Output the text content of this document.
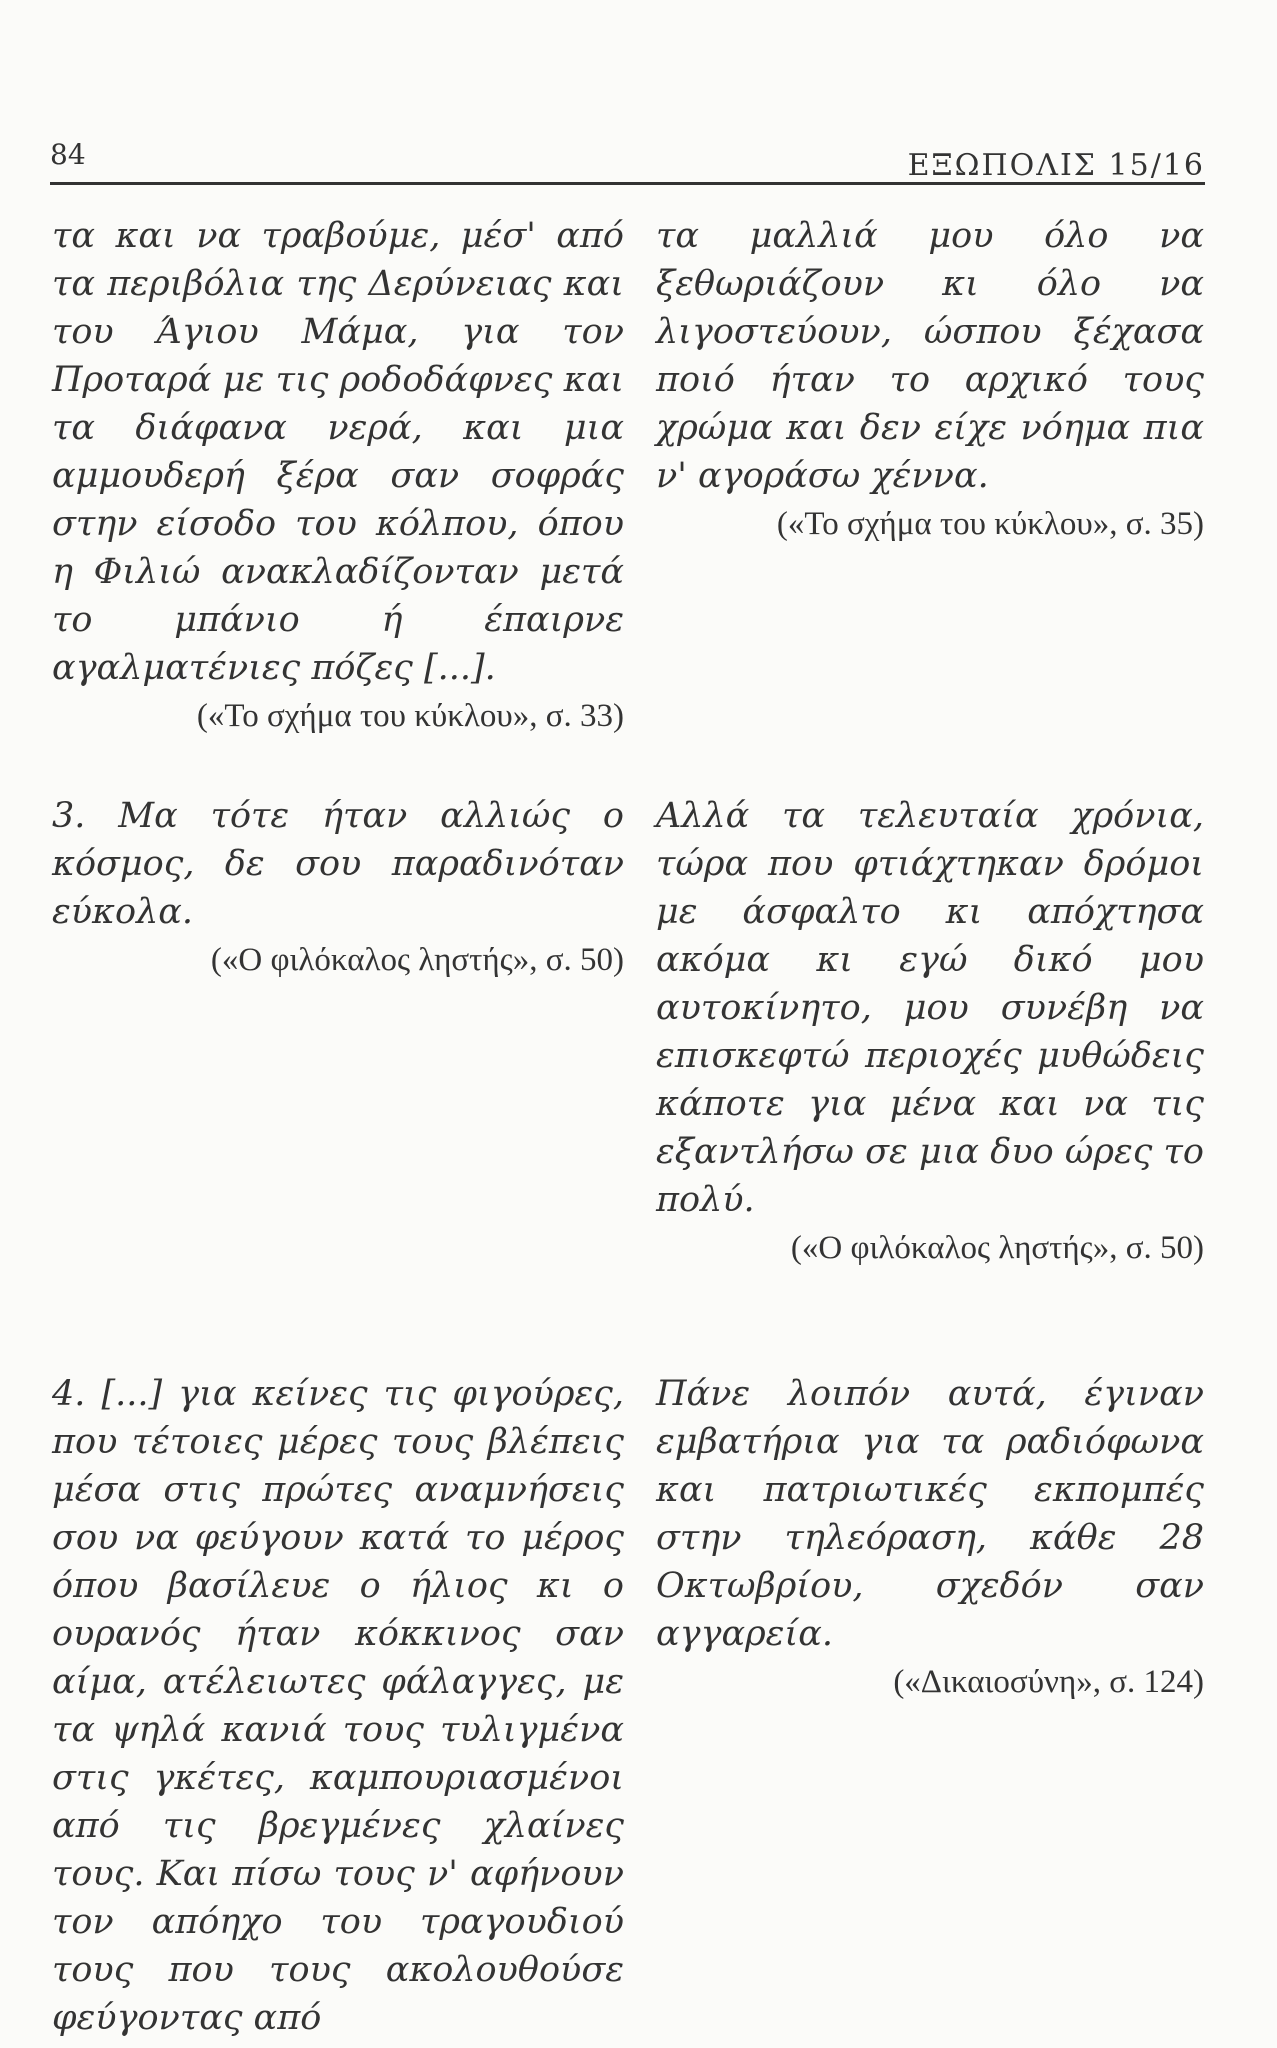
84	ΕΞΩΠΟΛΙΣ 15/16

τα και να τραβούμε, μέσ' από τα περιβόλια της Δερύνειας και του Άγιου Μάμα, για τον Προταρά με τις ροδοδάφνες και τα διάφανα νερά, και μια αμμουδερή ξέρα σαν σοφράς στην είσοδο του κόλπου, όπου η Φιλιώ ανακλαδίζονταν μετά το μπάνιο ή έπαιρνε αγαλματένιες πόζες [...].

(«Το σχήμα του κύκλου», σ. 33)

τα μαλλιά μου όλο να ξεθωριάζουν κι όλο να λιγοστεύουν, ώσπου ξέχασα ποιό ήταν το αρχικό τους χρώμα και δεν είχε νόημα πια ν' αγοράσω χέννα.

(«Το σχήμα του κύκλου», σ. 35)

3. Μα τότε ήταν αλλιώς ο κόσμος, δε σου παραδινόταν εύκολα.

(«Ο φιλόκαλος ληστής», σ. 50)

Αλλά τα τελευταία χρόνια, τώρα που φτιάχτηκαν δρόμοι με άσφαλτο κι απόχτησα ακόμα κι εγώ δικό μου αυτοκίνητο, μου συνέβη να επισκεφτώ περιοχές μυθώδεις κάποτε για μένα και να τις εξαντλήσω σε μια δυο ώρες το πολύ.

(«Ο φιλόκαλος ληστής», σ. 50)

4. [...] για κείνες τις φιγούρες, που τέτοιες μέρες τους βλέπεις μέσα στις πρώτες αναμνήσεις σου να φεύγουν κατά το μέρος όπου βασίλευε ο ήλιος κι ο ουρανός ήταν κόκκινος σαν αίμα, ατέλειωτες φάλαγγες, με τα ψηλά κανιά τους τυλιγμένα στις γκέτες, καμπουριασμένοι από τις βρεγμένες χλαίνες τους. Και πίσω τους ν' αφήνουν τον απόηχο του τραγουδιού τους που τους ακολουθούσε φεύγοντας από

Πάνε λοιπόν αυτά, έγιναν εμβατήρια για τα ραδιόφωνα και πατριωτικές εκπομπές στην τηλεόραση, κάθε 28 Οκτωβρίου, σχεδόν σαν αγγαρεία.

(«Δικαιοσύνη», σ. 124)
